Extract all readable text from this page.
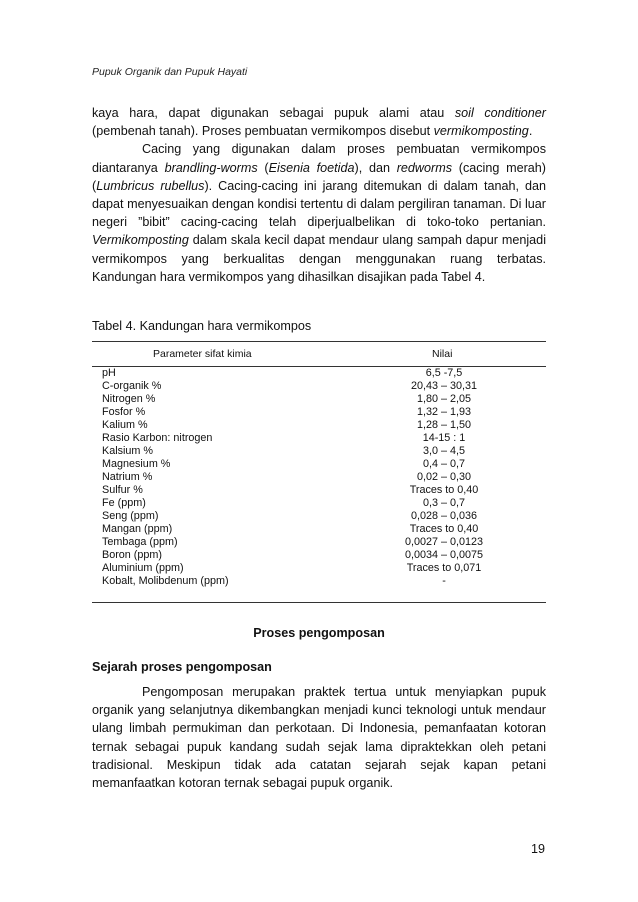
Pupuk Organik dan Pupuk Hayati

kaya hara, dapat digunakan sebagai pupuk alami atau soil conditioner (pembenah tanah). Proses pembuatan vermikompos disebut vermikomposting.

Cacing yang digunakan dalam proses pembuatan vermikompos diantaranya brandling-worms (Eisenia foetida), dan redworms (cacing merah) (Lumbricus rubellus). Cacing-cacing ini jarang ditemukan di dalam tanah, dan dapat menyesuaikan dengan kondisi tertentu di dalam pergiliran tanaman. Di luar negeri ”bibit” cacing-cacing telah diperjualbelikan di toko-toko pertanian. Vermikomposting dalam skala kecil dapat mendaur ulang sampah dapur menjadi vermikompos yang berkualitas dengan menggunakan ruang terbatas. Kandungan hara vermikompos yang dihasilkan disajikan pada Tabel 4.

Tabel 4. Kandungan hara vermikompos
Parameter sifat kimia	Nilai
pH	6,5 -7,5
C-organik %	20,43 – 30,31
Nitrogen %	1,80 – 2,05
Fosfor %	1,32 – 1,93
Kalium %	1,28 – 1,50
Rasio Karbon: nitrogen	14-15 : 1
Kalsium %	3,0 – 4,5
Magnesium %	0,4 – 0,7
Natrium %	0,02 – 0,30
Sulfur %	Traces to 0,40
Fe (ppm)	0,3 – 0,7
Seng (ppm)	0,028 – 0,036
Mangan (ppm)	Traces to 0,40
Tembaga (ppm)	0,0027 – 0,0123
Boron (ppm)	0,0034 – 0,0075
Aluminium (ppm)	Traces to 0,071
Kobalt, Molibdenum (ppm)	-
Proses pengomposan
Sejarah proses pengomposan

Pengomposan merupakan praktek tertua untuk menyiapkan pupuk organik yang selanjutnya dikembangkan menjadi kunci teknologi untuk mendaur ulang limbah permukiman dan perkotaan. Di Indonesia, pemanfaatan kotoran ternak sebagai pupuk kandang sudah sejak lama dipraktekkan oleh petani tradisional. Meskipun tidak ada catatan sejarah sejak kapan petani memanfaatkan kotoran ternak sebagai pupuk organik.

19
